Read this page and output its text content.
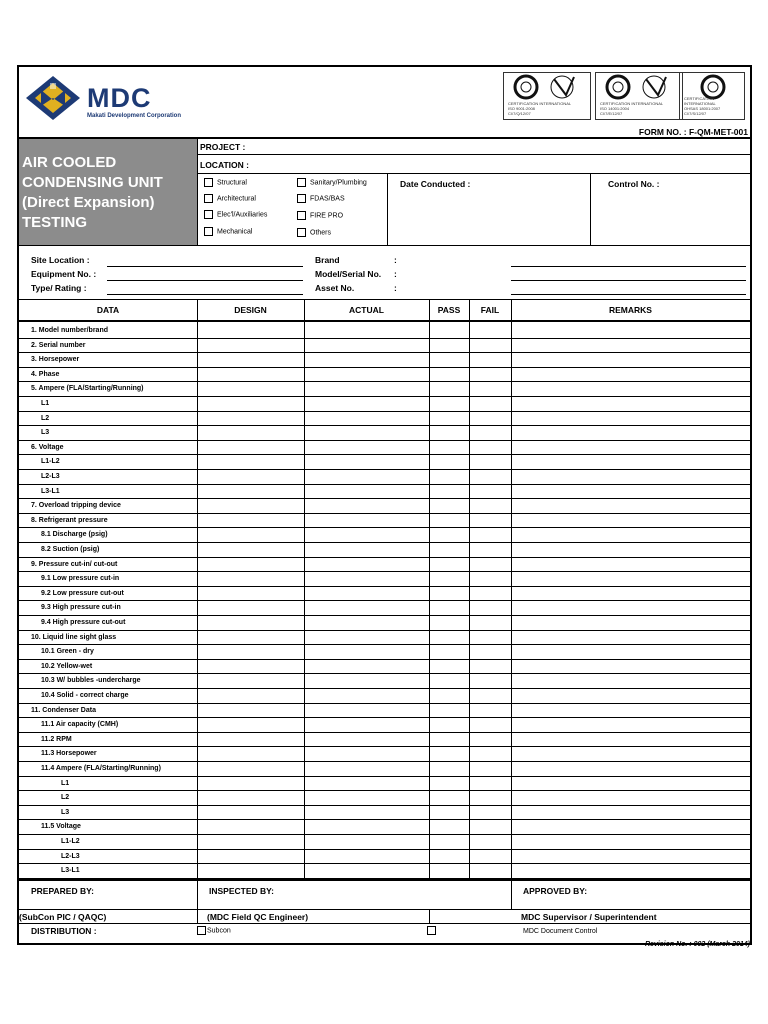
MDC
Makati Development Corporation
CERTIFICATION INTERNATIONAL
ISO 9001:2008
CI/7/Q/12/07
CERTIFICATION INTERNATIONAL
ISO 14001:2004
CI/7/E/12/07
CERTIFICATION INTERNATIONAL
OHSAS 18001:2007
CI/7/S/12/07
FORM NO. : F-QM-MET-001
AIR COOLED
CONDENSING UNIT
(Direct Expansion)
TESTING
PROJECT :
LOCATION :
Structural
Architectural
Elec'l/Auxiliaries
Mechanical
Sanitary/Plumbing
FDAS/BAS
FIRE PRO
Others
Date Conducted :	Control No. :
Site Location :
Equipment No. :
Type/ Rating :
Brand	:
Model/Serial No. :
Asset No.	:
DATA	DESIGN	ACTUAL	PASS	FAIL	REMARKS
1. Model number/brand
2. Serial number
3. Horsepower
4. Phase
5. Ampere (FLA/Starting/Running)
L1
L2
L3
6. Voltage
L1-L2
L2-L3
L3-L1
7. Overload tripping device
8. Refrigerant pressure
8.1 Discharge (psig)
8.2 Suction (psig)
9. Pressure cut-in/ cut-out
9.1 Low pressure cut-in
9.2 Low pressure cut-out
9.3 High pressure cut-in
9.4 High pressure cut-out
10. Liquid line sight glass
10.1 Green - dry
10.2 Yellow-wet
10.3 W/ bubbles -undercharge
10.4 Solid - correct charge
11. Condenser Data
11.1 Air capacity (CMH)
11.2 RPM
11.3 Horsepower
11.4 Ampere (FLA/Starting/Running)
L1
L2
L3
11.5 Voltage
L1-L2
L2-L3
L3-L1
PREPARED BY:	INSPECTED BY:	APPROVED BY:
(SubCon PIC / QAQC)	(MDC Field QC Engineer)	MDC Supervisor / Superintendent
DISTRIBUTION :	Subcon	MDC Document Control
Revision No. : 002 (March 2014)
